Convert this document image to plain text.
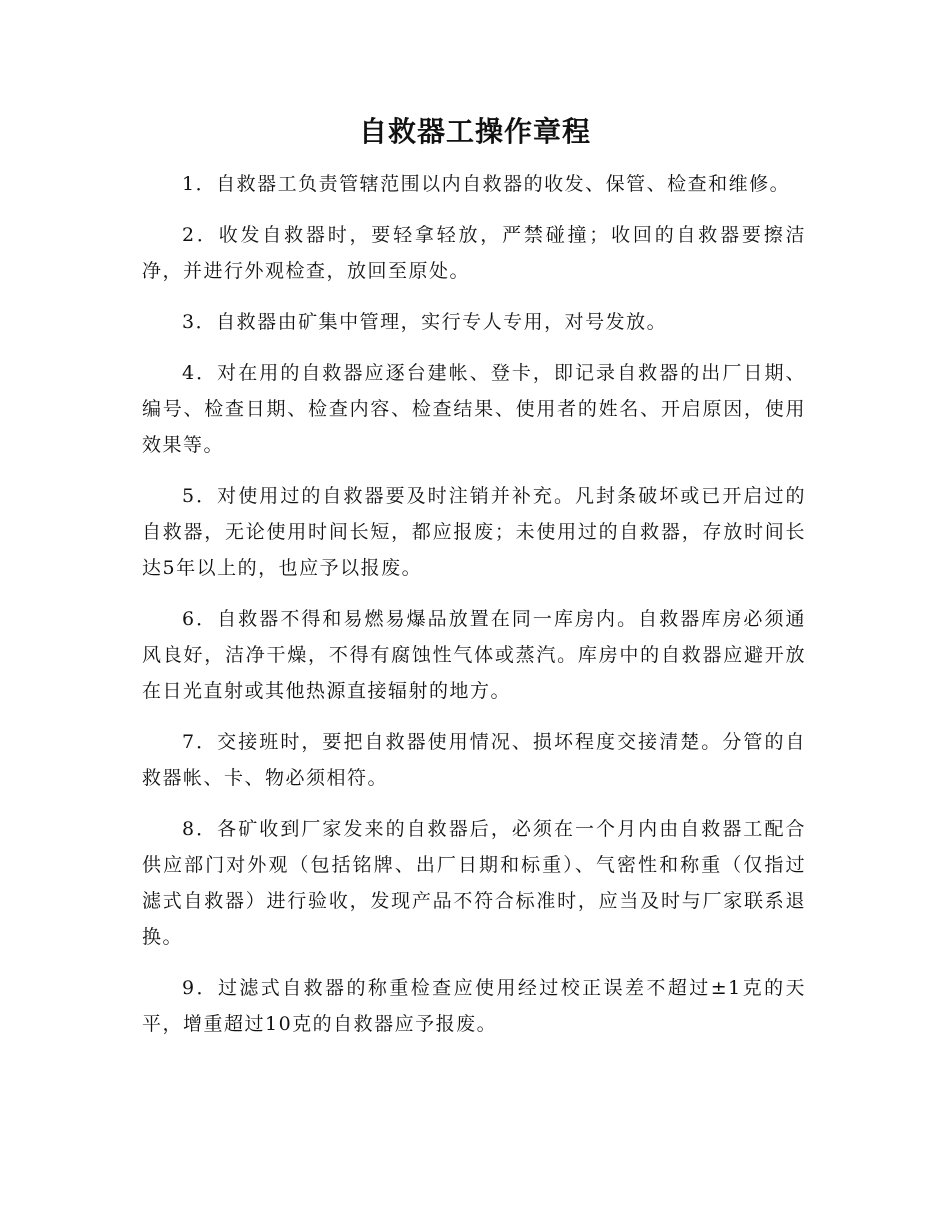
自救器工操作章程

1．自救器工负责管辖范围以内自救器的收发、保管、检查和维修。

2．收发自救器时，要轻拿轻放，严禁碰撞；收回的自救器要擦洁净，并进行外观检查，放回至原处。

3．自救器由矿集中管理，实行专人专用，对号发放。

4．对在用的自救器应逐台建帐、登卡，即记录自救器的出厂日期、编号、检查日期、检查内容、检查结果、使用者的姓名、开启原因，使用效果等。

5．对使用过的自救器要及时注销并补充。凡封条破坏或已开启过的自救器，无论使用时间长短，都应报废；未使用过的自救器，存放时间长达5年以上的，也应予以报废。

6．自救器不得和易燃易爆品放置在同一库房内。自救器库房必须通风良好，洁净干燥，不得有腐蚀性气体或蒸汽。库房中的自救器应避开放在日光直射或其他热源直接辐射的地方。

7．交接班时，要把自救器使用情况、损坏程度交接清楚。分管的自救器帐、卡、物必须相符。

8．各矿收到厂家发来的自救器后，必须在一个月内由自救器工配合供应部门对外观（包括铭牌、出厂日期和标重）、气密性和称重（仅指过滤式自救器）进行验收，发现产品不符合标准时，应当及时与厂家联系退换。

9．过滤式自救器的称重检查应使用经过校正误差不超过±1克的天平，增重超过10克的自救器应予报废。
